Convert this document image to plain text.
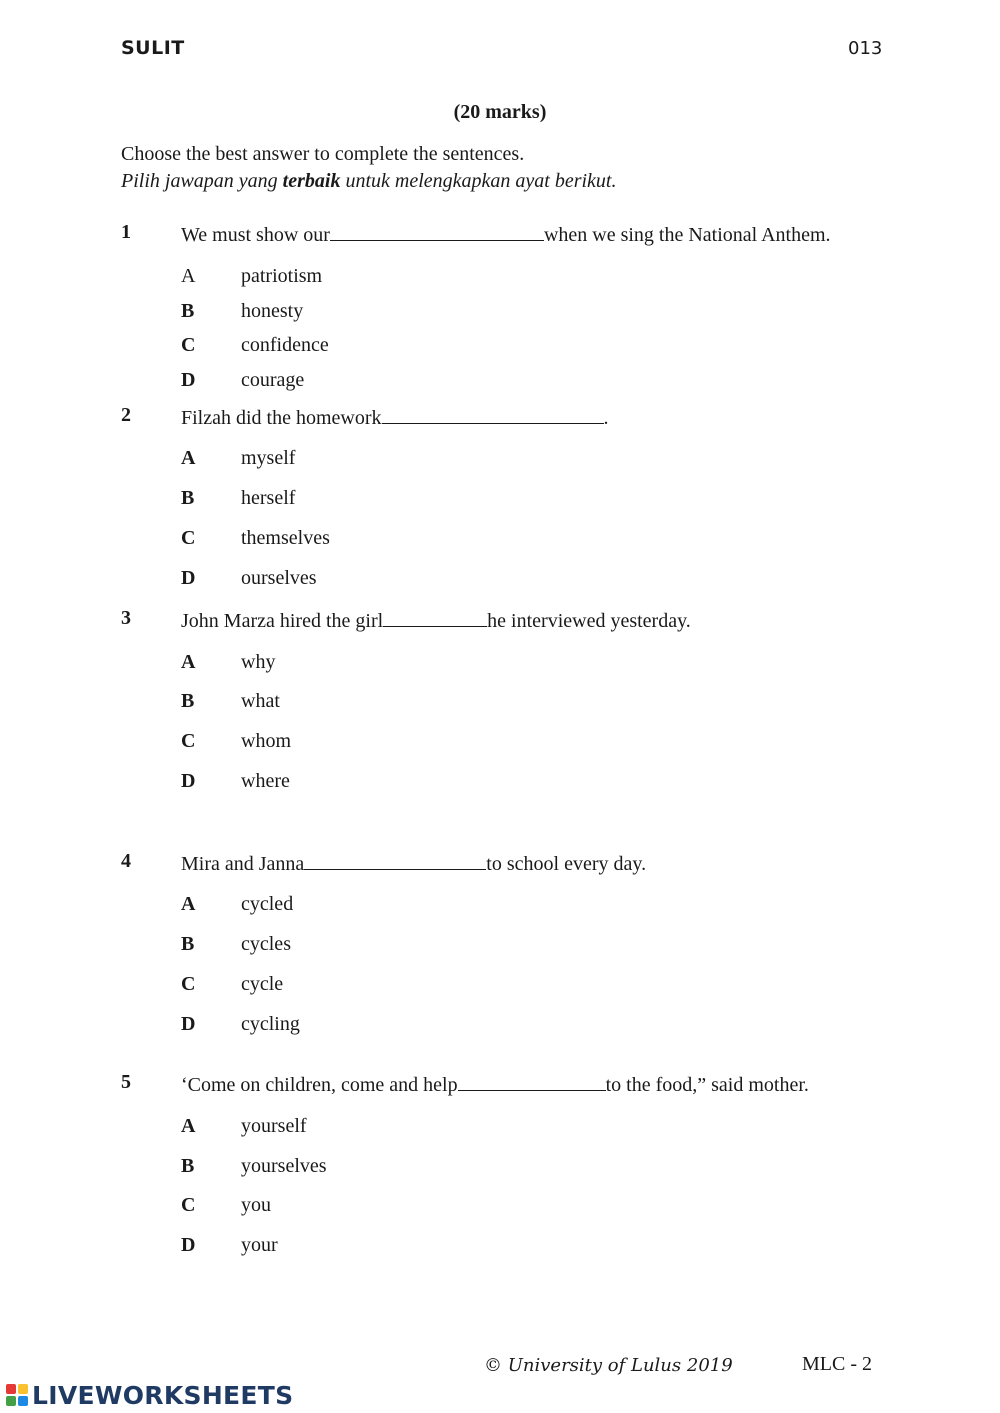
SULIT	013
(20 marks)
Choose the best answer to complete the sentences.
Pilih jawapan yang terbaik untuk melengkapkan ayat berikut.
1	We must show our	when we sing the National Anthem.
A patriotism
B honesty
C confidence
D courage
2	Filzah did the homework	.
A myself
B herself
C themselves
D ourselves
3	John Marza hired the girl	he interviewed yesterday.
A why
B what
C whom
D where
4	Mira and Janna	to school every day.
A cycled
B cycles
C cycle
D cycling
5	‘Come on children, come and help	to the food,” said mother.
A yourself
B yourselves
C you
D your
© University of Lulus 2019	MLC - 2
LIVEWORKSHEETS
